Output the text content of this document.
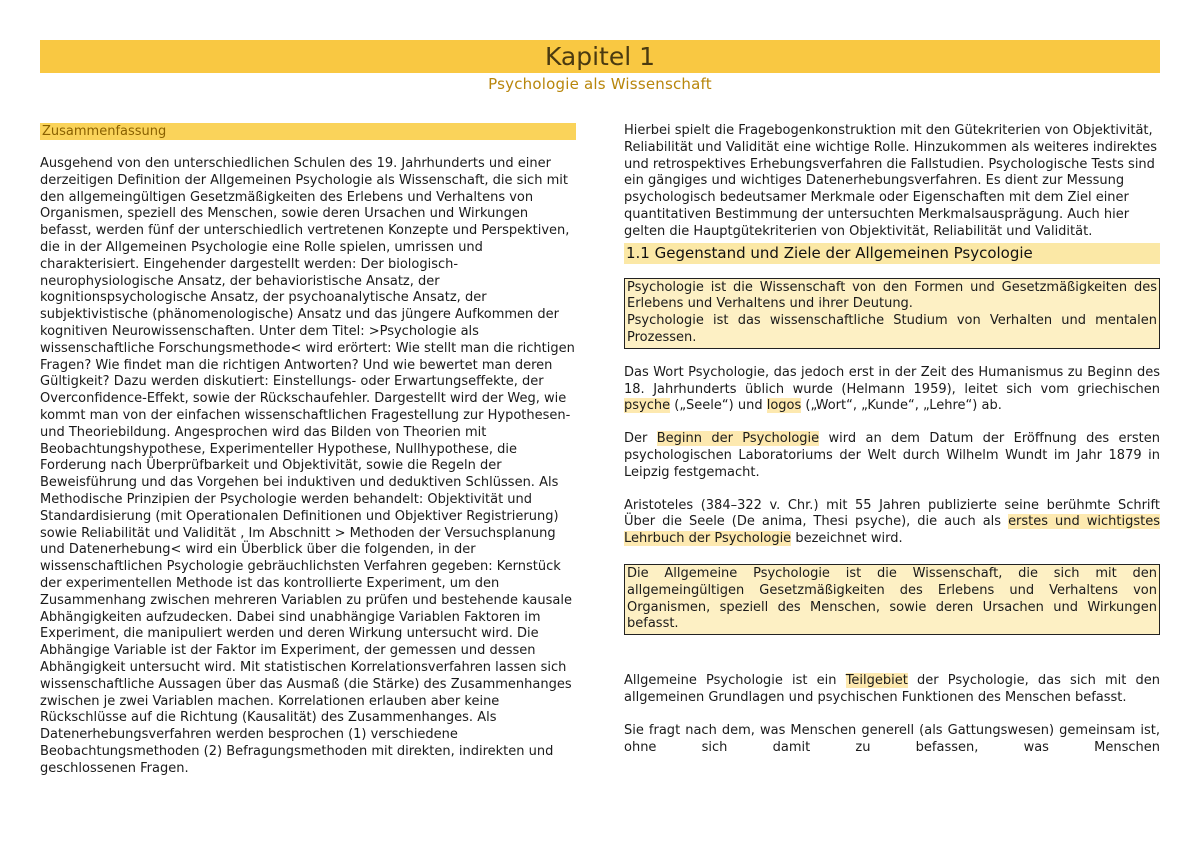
Kapitel 1
Psychologie als Wissenschaft
Zusammenfassung

Ausgehend von den unterschiedlichen Schulen des 19. Jahrhunderts und einer derzeitigen Definition der Allgemeinen Psychologie als Wissenschaft, die sich mit den allgemeingültigen Gesetzmäßigkeiten des Erlebens und Verhaltens von Organismen, speziell des Menschen, sowie deren Ursachen und Wirkungen befasst, werden fünf der unterschiedlich vertretenen Konzepte und Perspektiven, die in der Allgemeinen Psychologie eine Rolle spielen, umrissen und charakterisiert. Eingehender dargestellt werden: Der biologisch-neurophysiologische Ansatz, der behavioristische Ansatz, der kognitionspsychologische Ansatz, der psychoanalytische Ansatz, der subjektivistische (phänomenologische) Ansatz und das jüngere Aufkommen der kognitiven Neurowissenschaften. Unter dem Titel: >Psychologie als wissenschaftliche Forschungsmethode< wird erörtert: Wie stellt man die richtigen Fragen? Wie findet man die richtigen Antworten? Und wie bewertet man deren Gültigkeit? Dazu werden diskutiert: Einstellungs- oder Erwartungseffekte, der Overconfidence-Effekt, sowie der Rückschaufehler. Dargestellt wird der Weg, wie kommt man von der einfachen wissenschaftlichen Fragestellung zur Hypothesen- und Theoriebildung. Angesprochen wird das Bilden von Theorien mit Beobachtungshypothese, Experimenteller Hypothese, Nullhypothese, die Forderung nach Überprüfbarkeit und Objektivität, sowie die Regeln der Beweisführung und das Vorgehen bei induktiven und deduktiven Schlüssen. Als Methodische Prinzipien der Psychologie werden behandelt: Objektivität und Standardisierung (mit Operationalen Definitionen und Objektiver Registrierung) sowie Reliabilität und Validität , Im Abschnitt > Methoden der Versuchsplanung und Datenerhebung< wird ein Überblick über die folgenden, in der wissenschaftlichen Psychologie gebräuchlichsten Verfahren gegeben: Kernstück der experimentellen Methode ist das kontrollierte Experiment, um den Zusammenhang zwischen mehreren Variablen zu prüfen und bestehende kausale Abhängigkeiten aufzudecken. Dabei sind unabhängige Variablen Faktoren im Experiment, die manipuliert werden und deren Wirkung untersucht wird. Die Abhängige Variable ist der Faktor im Experiment, der gemessen und dessen Abhängigkeit untersucht wird. Mit statistischen Korrelationsverfahren lassen sich wissenschaftliche Aussagen über das Ausmaß (die Stärke) des Zusammenhanges zwischen je zwei Variablen machen. Korrelationen erlauben aber keine Rückschlüsse auf die Richtung (Kausalität) des Zusammenhanges. Als Datenerhebungsverfahren werden besprochen (1) verschiedene Beobachtungsmethoden (2) Befragungsmethoden mit direkten, indirekten und geschlossenen Fragen.

Hierbei spielt die Fragebogenkonstruktion mit den Gütekriterien von Objektivität, Reliabilität und Validität eine wichtige Rolle. Hinzukommen als weiteres indirektes und retrospektives Erhebungsverfahren die Fallstudien. Psychologische Tests sind ein gängiges und wichtiges Datenerhebungsverfahren. Es dient zur Messung psychologisch bedeutsamer Merkmale oder Eigenschaften mit dem Ziel einer quantitativen Bestimmung der untersuchten Merkmalsausprägung. Auch hier gelten die Hauptgütekriterien von Objektivität, Reliabilität und Validität.

1.1 Gegenstand und Ziele der Allgemeinen Psycologie
Psychologie ist die Wissenschaft von den Formen und Gesetzmäßigkeiten des Erlebens und Verhaltens und ihrer Deutung.
Psychologie ist das wissenschaftliche Studium von Verhalten und mentalen Prozessen.

Das Wort Psychologie, das jedoch erst in der Zeit des Humanismus zu Beginn des 18. Jahrhunderts üblich wurde (Helmann 1959), leitet sich vom griechischen psyche („Seele“) und logos („Wort“, „Kunde“, „Lehre“) ab.

Der Beginn der Psychologie wird an dem Datum der Eröffnung des ersten psychologischen Laboratoriums der Welt durch Wilhelm Wundt im Jahr 1879 in Leipzig festgemacht.

Aristoteles (384–322 v. Chr.) mit 55 Jahren publizierte seine berühmte Schrift Über die Seele (De anima, Thesi psyche), die auch als erstes und wichtigstes Lehrbuch der Psychologie bezeichnet wird.

Die Allgemeine Psychologie ist die Wissenschaft, die sich mit den allgemeingültigen Gesetzmäßigkeiten des Erlebens und Verhaltens von Organismen, speziell des Menschen, sowie deren Ursachen und Wirkungen befasst.

Allgemeine Psychologie ist ein Teilgebiet der Psychologie, das sich mit den allgemeinen Grundlagen und psychischen Funktionen des Menschen befasst.

Sie fragt nach dem, was Menschen generell (als Gattungswesen) gemeinsam ist, ohne sich damit zu befassen, was Menschen
